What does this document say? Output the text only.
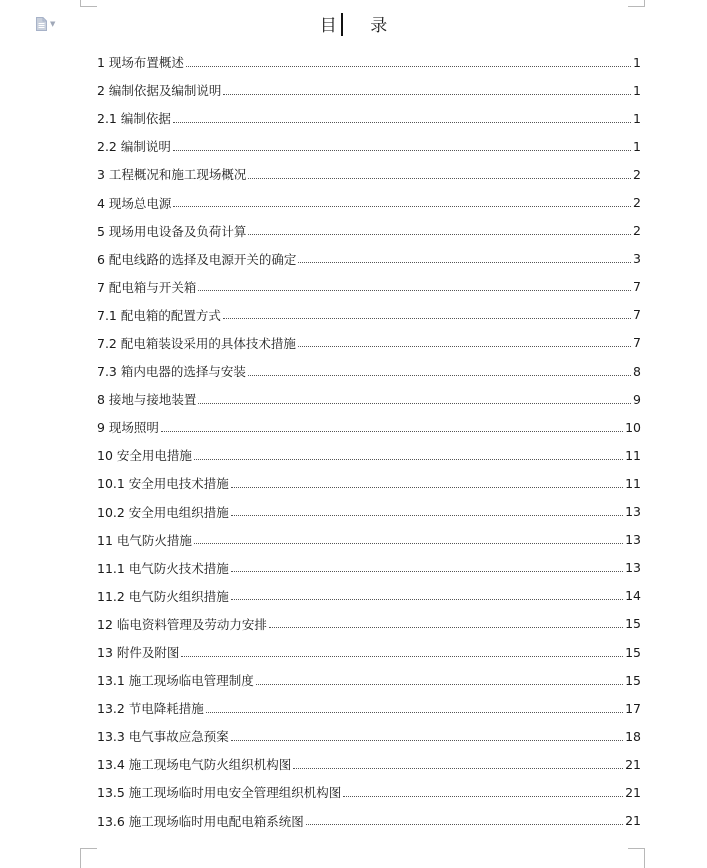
▼	目 录
1 现场布置概述	1
2 编制依据及编制说明	1
2.1 编制依据	1
2.2 编制说明	1
3 工程概况和施工现场概况	2
4 现场总电源	2
5 现场用电设备及负荷计算	2
6 配电线路的选择及电源开关的确定	3
7 配电箱与开关箱	7
7.1 配电箱的配置方式	7
7.2 配电箱装设采用的具体技术措施	7
7.3 箱内电器的选择与安装	8
8 接地与接地装置	9
9 现场照明	10
10 安全用电措施	11
10.1 安全用电技术措施	11
10.2 安全用电组织措施	13
11 电气防火措施	13
11.1 电气防火技术措施	13
11.2 电气防火组织措施	14
12 临电资料管理及劳动力安排	15
13 附件及附图	15
13.1 施工现场临电管理制度	15
13.2 节电降耗措施	17
13.3 电气事故应急预案	18
13.4 施工现场电气防火组织机构图	21
13.5 施工现场临时用电安全管理组织机构图	21
13.6 施工现场临时用电配电箱系统图	21
